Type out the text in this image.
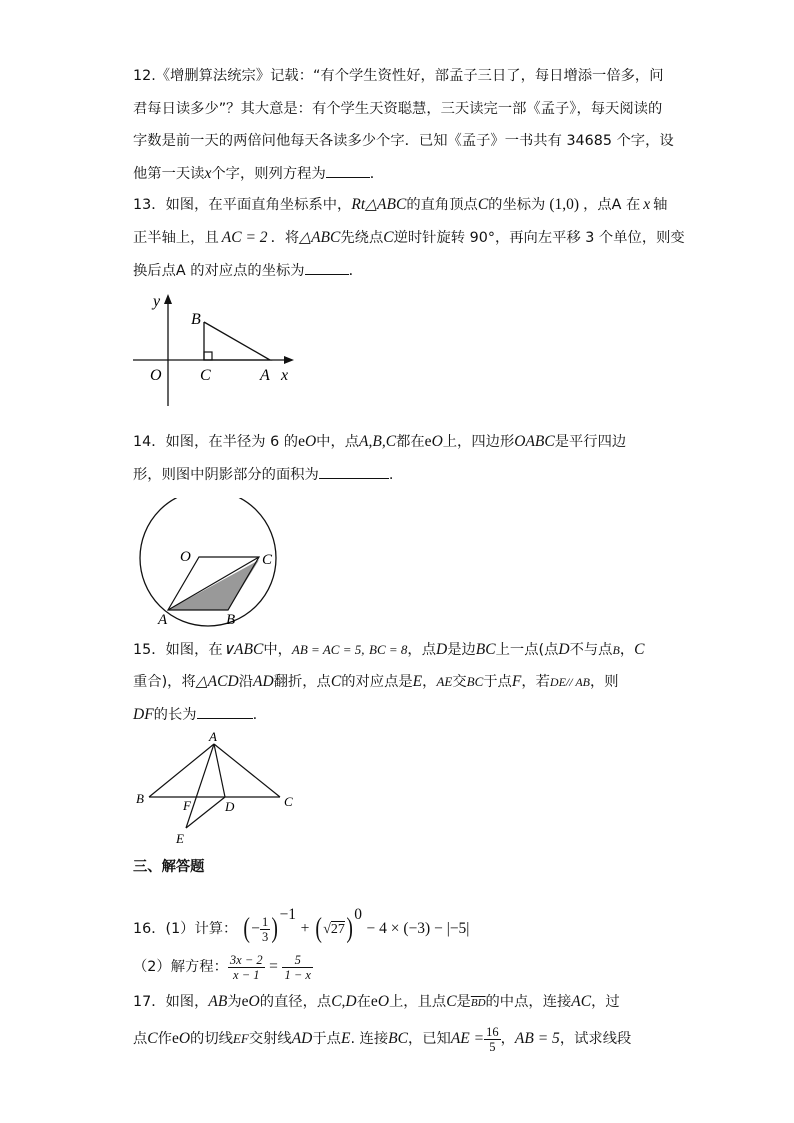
12.《增删算法统宗》记载：“有个学生资性好，部孟子三日了，每日增添一倍多，问
君每日读多少”？其大意是：有个学生天资聪慧，三天读完一部《孟子》，每天阅读的
字数是前一天的两倍问他每天各读多少个字．已知《孟子》一书共有 34685 个字，设
他第一天读x个字，则列方程为	．
13．如图，在平面直角坐标系中，Rt△ABC的直角顶点C的坐标为 (1,0) ，点A 在 x 轴
正半轴上，且 AC = 2 ．将△ABC先绕点C逆时针旋转 90°，再向左平移 3 个单位，则变
换后点A 的对应点的坐标为	．
y
B
O C	A x
14．如图，在半径为 6 的eO中，点A,B,C都在eO上，四边形OABC是平行四边
形，则图中阴影部分的面积为	.
O	C
A	B
15．如图，在∨ABC中，AB = AC = 5, BC = 8，点D是边BC上一点(点D不与点B，C
重合)，将△ACD沿AD翻折，点C的对应点是E，AE交BC于点F，若DE// AB，则
DF的长为	.
A
B	F	D	C
E
三、解答题
16．(1）计算： (− $\frac{1}{3} )^{-1} + (√27)^0 - 4 \times (-3) - |-5|$
（2）解方程： $\frac{3x - 2}{x - 1} = \frac{5}{1 - x}$
17．如图，AB为eO的直径，点C,D在eO上，且点C是$\overline{BD}$的中点，连接AC，过
点C作eO的切线EF交射线AD于点E. 连接BC，已知AE = $\frac{16}{5}$ ，AB = 5，试求线段
